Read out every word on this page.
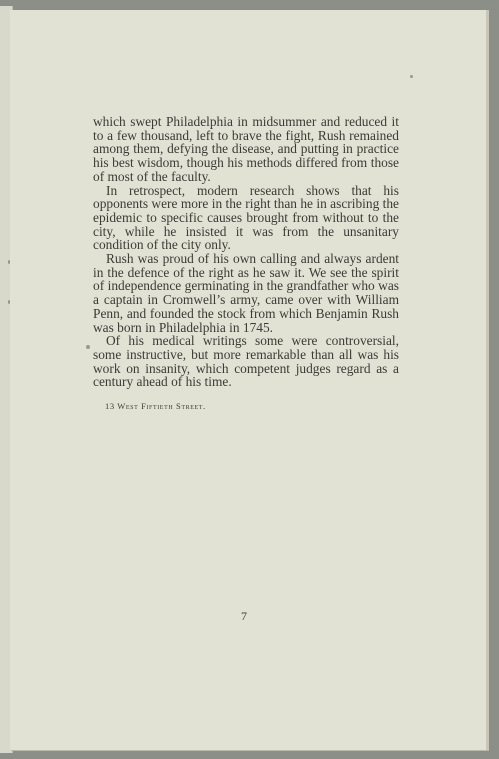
which swept Philadelphia in midsummer and reduced it to a few thousand, left to brave the fight, Rush remained among them, defying the disease, and putting in practice his best wisdom, though his methods differed from those of most of the faculty.

In retrospect, modern research shows that his opponents were more in the right than he in ascribing the epidemic to specific causes brought from without to the city, while he insisted it was from the unsanitary condition of the city only.

Rush was proud of his own calling and always ardent in the defence of the right as he saw it. We see the spirit of independence germinating in the grandfather who was a captain in Cromwell’s army, came over with William Penn, and founded the stock from which Benjamin Rush was born in Philadelphia in 1745.

Of his medical writings some were controversial, some instructive, but more remarkable than all was his work on insanity, which competent judges regard as a century ahead of his time.

13 West Fiftieth Street.
7
